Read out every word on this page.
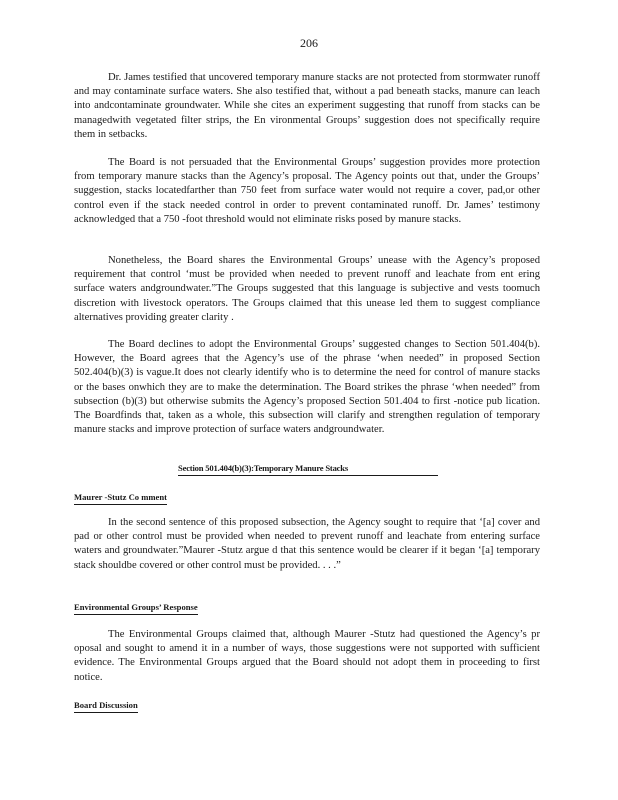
206

Dr. James testified that uncovered temporary manure stacks are not protected from stormwater runoff and may contaminate surface waters. She also testified that, without a pad beneath stacks, manure can leach into andcontaminate groundwater. While she cites an experiment suggesting that runoff from stacks can be managedwith vegetated filter strips, the En vironmental Groups’ suggestion does not specifically require them in setbacks.

The Board is not persuaded that the Environmental Groups’ suggestion provides more protection from temporary manure stacks than the Agency’s proposal. The Agency points out that, under the Groups’ suggestion, stacks locatedfarther than 750 feet from surface water would not require a cover, pad,or other control even if the stack needed control in order to prevent contaminated runoff. Dr. James’ testimony acknowledged that a 750 -foot threshold would not eliminate risks posed by manure stacks.

Nonetheless, the Board shares the Environmental Groups’ unease with the Agency’s proposed requirement that control ‘must be provided when needed to prevent runoff and leachate from ent ering surface waters andgroundwater.”The Groups suggested that this language is subjective and vests toomuch discretion with livestock operators. The Groups claimed that this unease led them to suggest compliance alternatives providing greater clarity .

The Board declines to adopt the Environmental Groups’ suggested changes to Section 501.404(b). However, the Board agrees that the Agency’s use of the phrase ‘when needed” in proposed Section 502.404(b)(3) is vague.It does not clearly identify who is to determine the need for control of manure stacks or the bases onwhich they are to make the determination. The Board strikes the phrase ‘when needed” from subsection (b)(3) but otherwise submits the Agency’s proposed Section 501.404 to first -notice pub lication. The Boardfinds that, taken as a whole, this subsection will clarify and strengthen regulation of temporary manure stacks and improve protection of surface waters andgroundwater.

Section 501.404(b)(3):Temporary Manure Stacks
Maurer -Stutz Co mment

In the second sentence of this proposed subsection, the Agency sought to require that ‘[a] cover and pad or other control must be provided when needed to prevent runoff and leachate from entering surface waters and groundwater.”Maurer -Stutz argue d that this sentence would be clearer if it began ‘[a] temporary stack shouldbe covered or other control must be provided. . . .”

Environmental Groups’ Response

The Environmental Groups claimed that, although Maurer -Stutz had questioned the Agency’s pr oposal and sought to amend it in a number of ways, those suggestions were not supported with sufficient evidence. The Environmental Groups argued that the Board should not adopt them in proceeding to first notice.

Board Discussion
